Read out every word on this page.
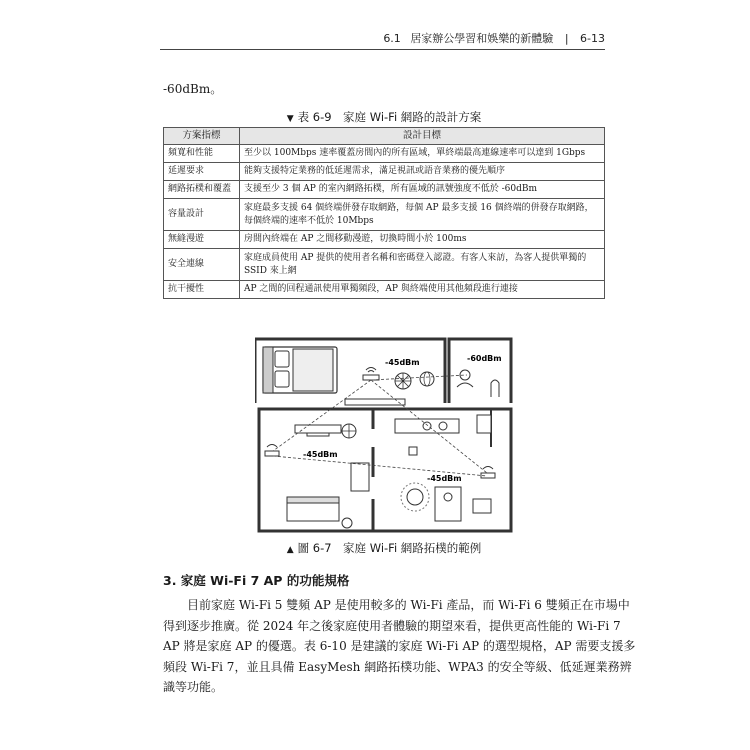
6.1 居家辦公學習和娛樂的新體驗 | 6-13
-60dBm。
▼ 表 6-9　家庭 Wi-Fi 網路的設計方案
方案指標	設計目標
頻寬和性能	至少以 100Mbps 速率覆蓋房間內的所有區域，單終端最高連線速率可以達到 1Gbps
延遲要求	能夠支援特定業務的低延遲需求，滿足視訊或語音業務的優先順序
網路拓樸和覆蓋	支援至少 3 個 AP 的室內網路拓樸，所有區域的訊號強度不低於 -60dBm
容量設計	家庭最多支援 64 個終端併發存取網路，每個 AP 最多支援 16 個終端的併發存取網路，每個終端的速率不低於 10Mbps
無縫漫遊	房間內終端在 AP 之間移動漫遊，切換時間小於 100ms
安全連線	家庭成員使用 AP 提供的使用者名稱和密碼登入認證。有客人來訪，為客人提供單獨的 SSID 來上網
抗干擾性	AP 之間的回程通訊使用單獨頻段，AP 與終端使用其他頻段進行連接
-45dBm	-60dBm
-45dBm
-45dBm
▲ 圖 6-7　家庭 Wi-Fi 網路拓樸的範例
3. 家庭 Wi-Fi 7 AP 的功能規格
目前家庭 Wi-Fi 5 雙頻 AP 是使用較多的 Wi-Fi 產品，而 Wi-Fi 6 雙頻正在市場中
得到逐步推廣。從 2024 年之後家庭使用者體驗的期望來看，提供更高性能的 Wi-Fi 7
AP 將是家庭 AP 的優選。表 6-10 是建議的家庭 Wi-Fi AP 的選型規格，AP 需要支援多
頻段 Wi-Fi 7，並且具備 EasyMesh 網路拓樸功能、WPA3 的安全等級、低延遲業務辨
識等功能。
